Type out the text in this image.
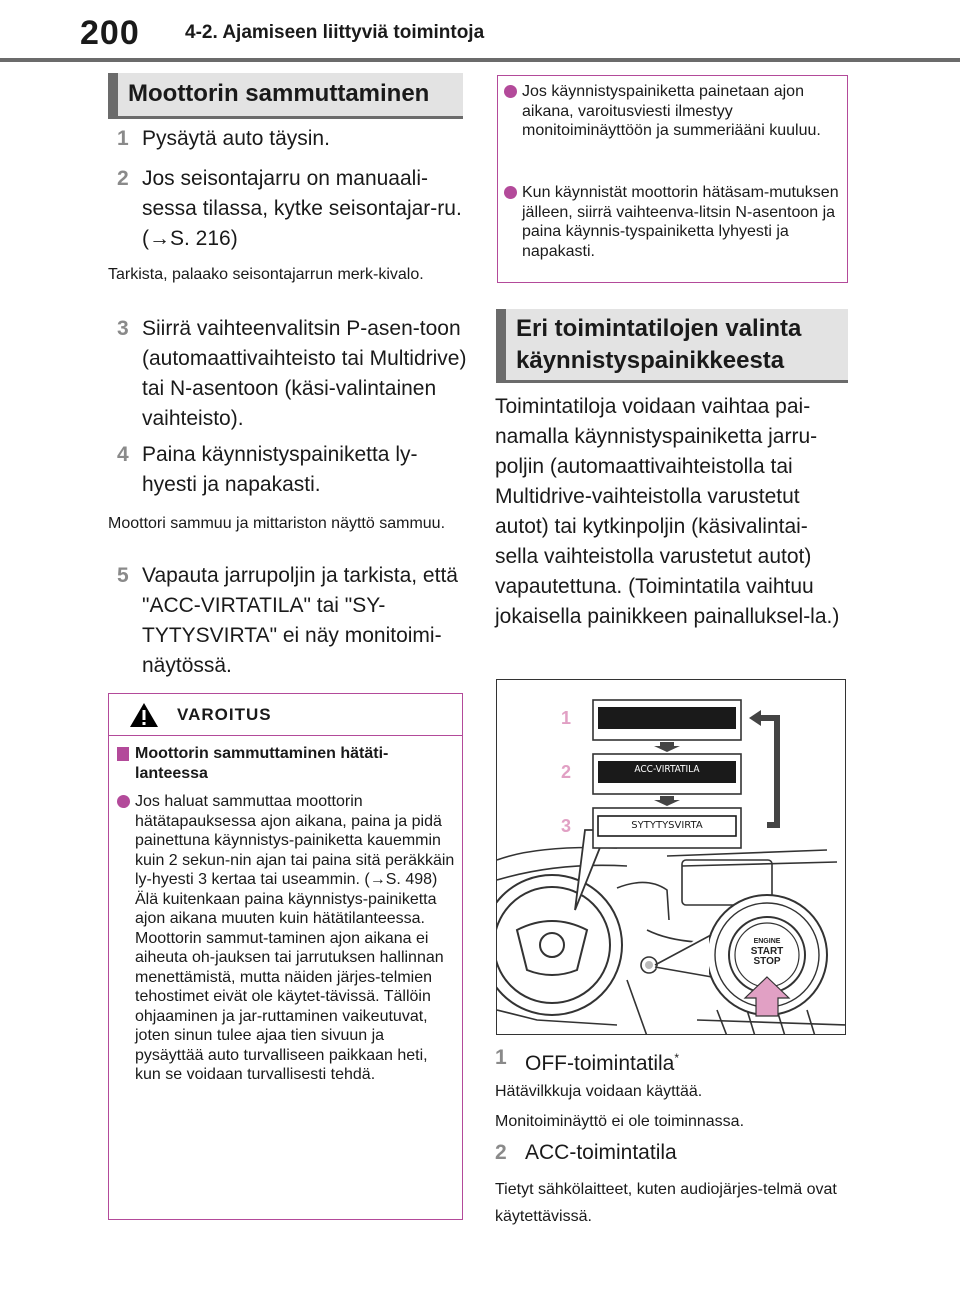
200 4-2. Ajamiseen liittyviä toimintoja
Moottorin sammuttaminen
1 Pysäytä auto täysin.
2 Jos seisontajarru on manuaali-sessa tilassa, kytke seisontajar-ru. (→S. 216)
Tarkista, palaako seisontajarrun merk-kivalo.
3 Siirrä vaihteenvalitsin P-asen-toon (automaattivaihteisto tai Multidrive) tai N-asentoon (käsi-valintainen vaihteisto).
4 Paina käynnistyspainiketta ly-hyesti ja napakasti.
Moottori sammuu ja mittariston näyttö sammuu.
5 Vapauta jarrupoljin ja tarkista, että "ACC-VIRTATILA" tai "SY-TYTYSVIRTA" ei näy monitoimi-näytössä.
VAROITUS
Moottorin sammuttaminen hätäti-lanteessa
Jos haluat sammuttaa moottorin hätätapauksessa ajon aikana, paina ja pidä painettuna käynnistys-painiketta kauemmin kuin 2 sekun-nin ajan tai paina sitä peräkkäin ly-hyesti 3 kertaa tai useammin. (→S. 498) Älä kuitenkaan paina käynnistys-painiketta ajon aikana muuten kuin hätätilanteessa. Moottorin sammut-taminen ajon aikana ei aiheuta oh-jauksen tai jarrutuksen hallinnan menettämistä, mutta näiden järjes-telmien tehostimet eivät ole käytet-tävissä. Tällöin ohjaaminen ja jar-ruttaminen vaikeutuvat, joten sinun tulee ajaa tien sivuun ja pysäyttää auto turvalliseen paikkaan heti, kun se voidaan turvallisesti tehdä.
Jos käynnistyspainiketta painetaan ajon aikana, varoitusviesti ilmestyy monitoiminäyttöön ja summeriääni kuuluu.
Kun käynnistät moottorin hätäsam-mutuksen jälleen, siirrä vaihteenva-litsin N-asentoon ja paina käynnis-tyspainiketta lyhyesti ja napakasti.
Eri toimintatilojen valinta
käynnistyspainikkeesta
Toimintatiloja voidaan vaihtaa pai-namalla käynnistyspainiketta jarru-poljin (automaattivaihteistolla tai Multidrive-vaihteistolla varustetut autot) tai kytkinpoljin (käsivalintai-sella vaihteistolla varustetut autot) vapautettuna. (Toimintatila vaihtuu jokaisella painikkeen painalluksel-la.)
1
2
3
ACC-VIRTATILA
SYTYTYSVIRTA
ENGINE
START
STOP
1 OFF-toimintatila*
Hätävilkkuja voidaan käyttää.
Monitoiminäyttö ei ole toiminnassa.
2 ACC-toimintatila
Tietyt sähkölaitteet, kuten audiojärjes-telmä ovat käytettävissä.
